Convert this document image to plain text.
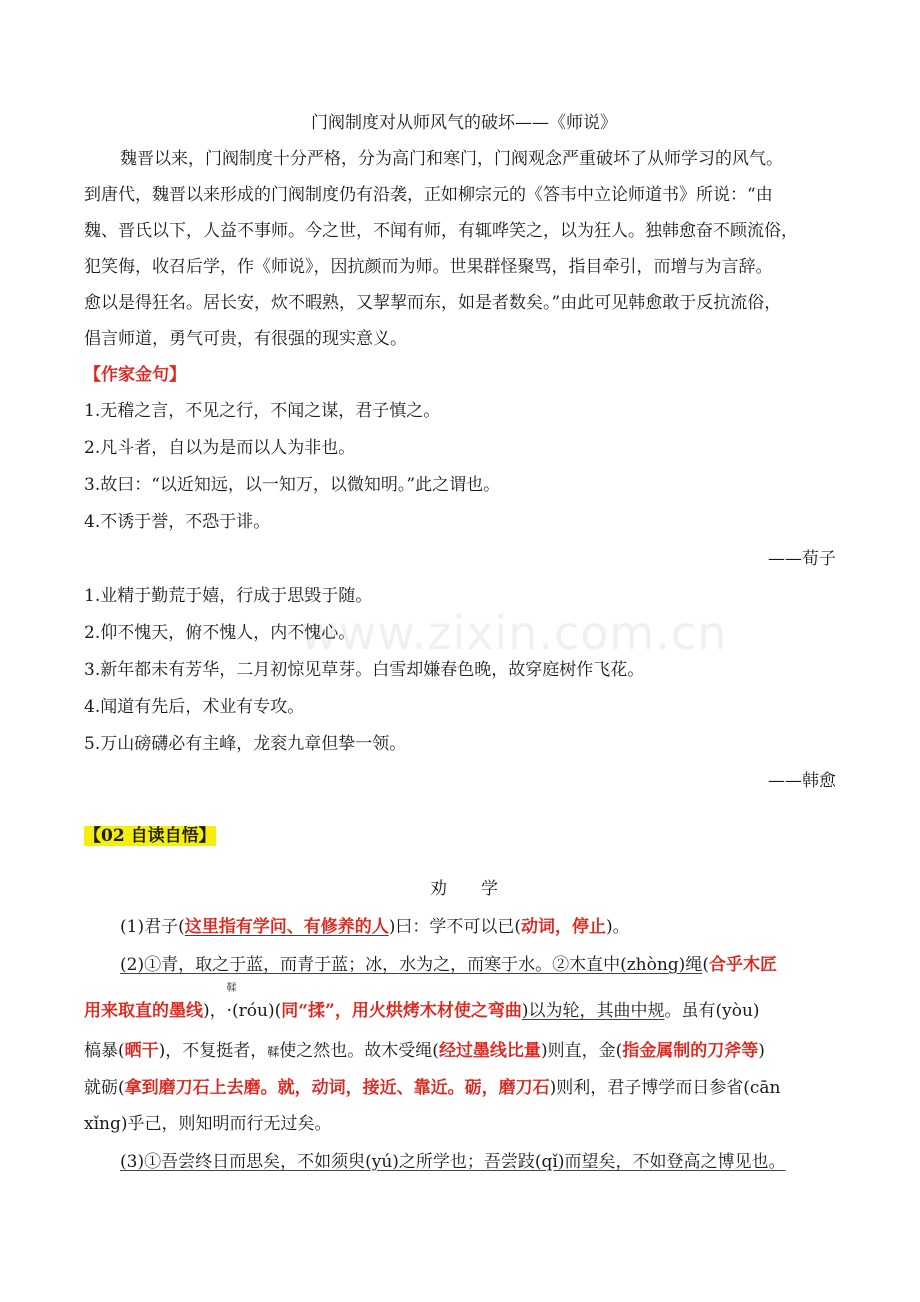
门阀制度对从师风气的破坏——《师说》
魏晋以来，门阀制度十分严格，分为高门和寒门，门阀观念严重破坏了从师学习的风气。
到唐代，魏晋以来形成的门阀制度仍有沿袭，正如柳宗元的《答韦中立论师道书》所说：“由
魏、晋氏以下，人益不事师。今之世，不闻有师，有辄哗笑之，以为狂人。独韩愈奋不顾流俗，
犯笑侮，收召后学，作《师说》，因抗颜而为师。世果群怪聚骂，指目牵引，而增与为言辞。
愈以是得狂名。居长安，炊不暇熟，又挈挈而东，如是者数矣。”由此可见韩愈敢于反抗流俗，
倡言师道，勇气可贵，有很强的现实意义。
【作家金句】
1.无稽之言，不见之行，不闻之谋，君子慎之。
2.凡斗者，自以为是而以人为非也。
3.故曰：“以近知远，以一知万，以微知明。”此之谓也。
4.不诱于誉，不恐于诽。
——荀子
1.业精于勤荒于嬉，行成于思毁于随。
2.仰不愧天，俯不愧人，内不愧心。
3.新年都未有芳华，二月初惊见草芽。白雪却嫌春色晚，故穿庭树作飞花。
4.闻道有先后，术业有专攻。
5.万山磅礴必有主峰，龙衮九章但挚一领。
——韩愈
www.zixin.com.cn
【02 自读自悟】
劝　　学
(1)君子(这里指有学问、有修养的人)曰：学不可以已(动词，停止)。
(2)①青，取之于蓝，而青于蓝；冰，水为之，而寒于水。②木直中(zhòng)绳(合乎木匠
用来取直的墨线)，
鞣
·(róu)(同“揉”，用火烘烤木材使之弯曲)以为轮，其曲中规。虽有(yòu)
槁暴(晒干)，不复挺者，鞣使之然也。故木受绳(经过墨线比量)则直，金(指金属制的刀斧等)
就砺(拿到磨刀石上去磨。就，动词，接近、靠近。砺，磨刀石)则利，君子博学而日参省(cān
xǐng)乎己，则知明而行无过矣。
(3)①吾尝终日而思矣，不如须臾(yú)之所学也；吾尝跂(qǐ)而望矣，不如登高之博见也。
